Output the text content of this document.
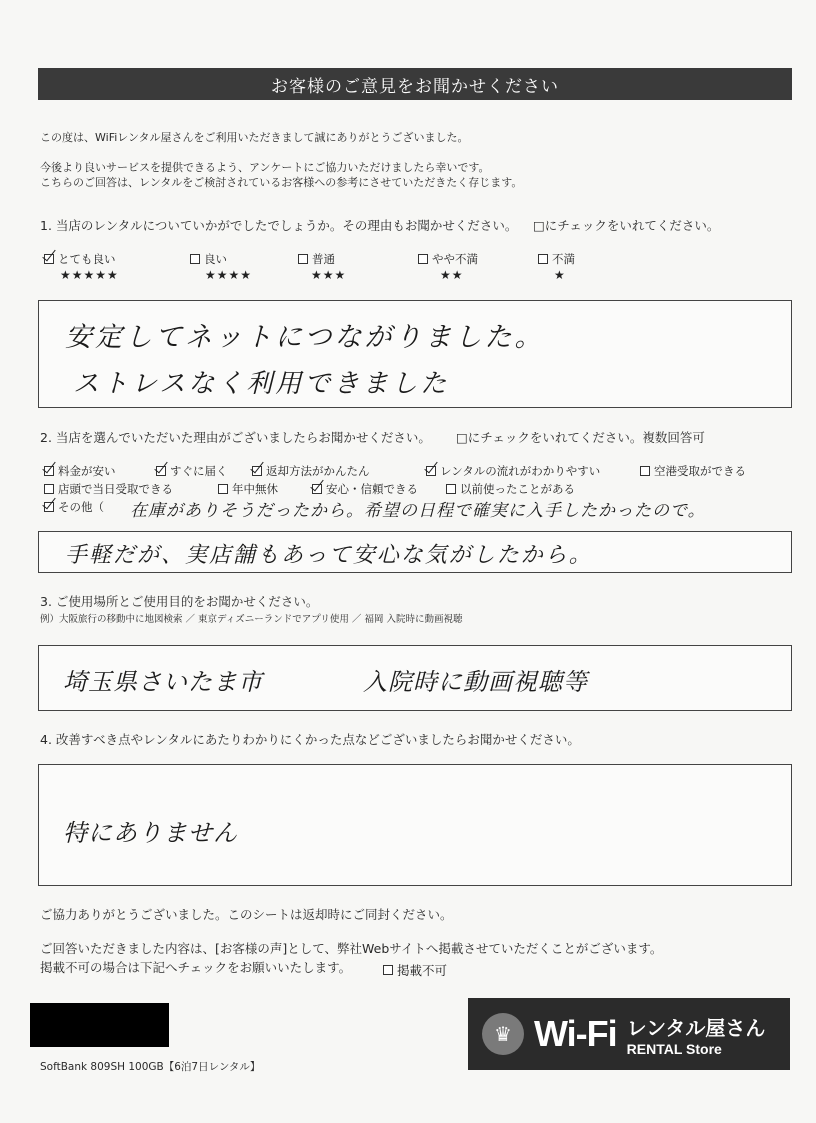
お客様のご意見をお聞かせください
この度は、WiFiレンタル屋さんをご利用いただきまして誠にありがとうございました。
今後より良いサービスを提供できるよう、アンケートにご協力いただけましたら幸いです。
こちらのご回答は、レンタルをご検討されているお客様への参考にさせていただきたく存じます。
1. 当店のレンタルについていかがでしたでしょうか。その理由もお聞かせください。 □にチェックをいれてください。
とても良い
★★★★★
良い
★★★★
普通
★★★
やや不満
★★
不満
★
安定してネットにつながりました。
ストレスなく利用できました
2. 当店を選んでいただいた理由がございましたらお聞かせください。 □にチェックをいれてください。複数回答可
料金が安い	すぐに届く	返却方法がかんたん	レンタルの流れがわかりやすい	空港受取ができる
店頭で当日受取できる	年中無休	安心・信頼できる	以前使ったことがある
その他（ 在庫がありそうだったから。希望の日程で確実に入手したかったので。
手軽だが、実店舗もあって安心な気がしたから。
3. ご使用場所とご使用目的をお聞かせください。
例）大阪旅行の移動中に地図検索 ／ 東京ディズニーランドでアプリ使用 ／ 福岡 入院時に動画視聴
埼玉県さいたま市	入院時に動画視聴等
4. 改善すべき点やレンタルにあたりわかりにくかった点などございましたらお聞かせください。
特にありません
ご協力ありがとうございました。このシートは返却時にご同封ください。
ご回答いただきました内容は、[お客様の声]として、弊社Webサイトへ掲載させていただくことがございます。
掲載不可の場合は下記へチェックをお願いいたします。	掲載不可
SoftBank 809SH 100GB【6泊7日レンタル】
♛ Wi-Fi レンタル屋さん
RENTAL Store
